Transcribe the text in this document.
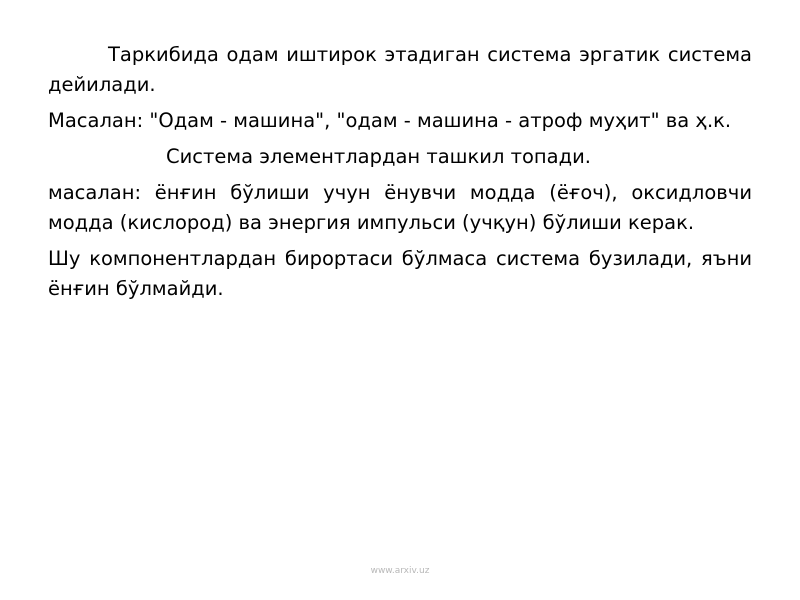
Таркибида одам иштирок этадиган система эргатик система дейилади.

Масалан: "Одам - машина", "одам - машина - атроф муҳит" ва ҳ.к.

Система элементлардан ташкил топади.

масалан: ёнғин бўлиши учун ёнувчи модда (ёғоч), оксидловчи модда (кислород) ва энергия импульси (учқун) бўлиши керак.

Шу компонентлардан бирортаси бўлмаса система бузилади, яъни ёнғин бўлмайди.

www.arxiv.uz
